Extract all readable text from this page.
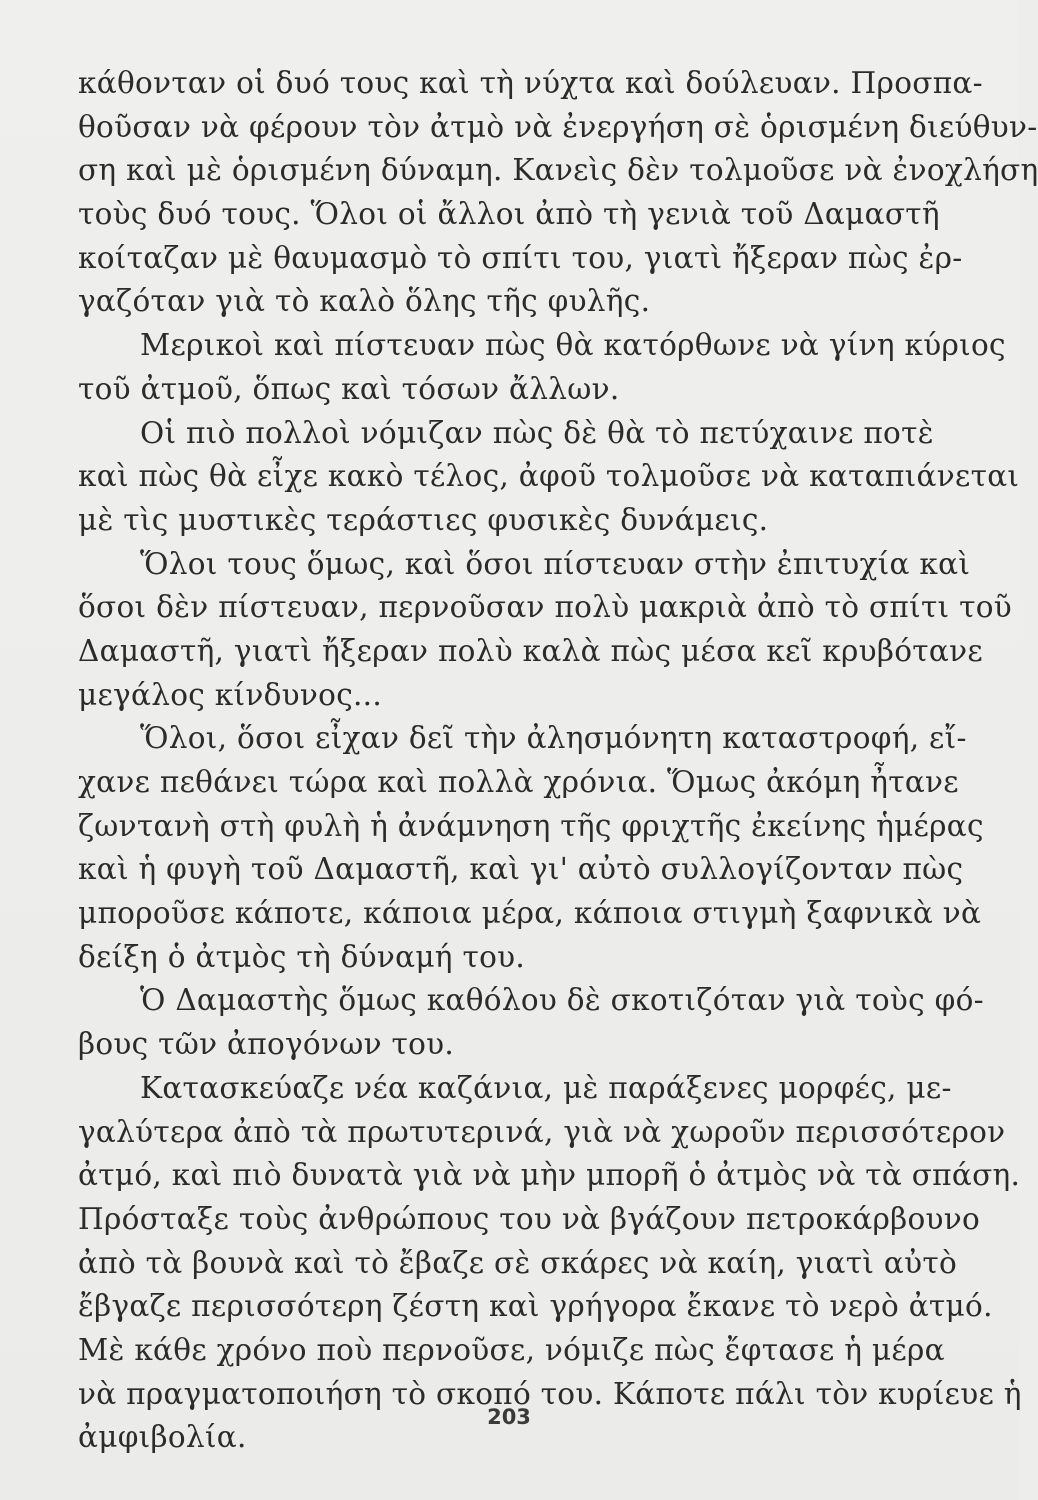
κάθονταν οἱ δυό τους καὶ τὴ νύχτα καὶ δούλευαν. Προσπα-
θοῦσαν νὰ φέρουν τὸν ἀτμὸ νὰ ἐνεργήση σὲ ὁρισμένη διεύθυν-
ση καὶ μὲ ὁρισμένη δύναμη. Κανεὶς δὲν τολμοῦσε νὰ ἐνοχλήση
τοὺς δυό τους. Ὅλοι οἱ ἄλλοι ἀπὸ τὴ γενιὰ τοῦ Δαμαστῆ
κοίταζαν μὲ θαυμασμὸ τὸ σπίτι του, γιατὶ ἤξεραν πὼς ἐρ-
γαζόταν γιὰ τὸ καλὸ ὅλης τῆς φυλῆς.
Μερικοὶ καὶ πίστευαν πὼς θὰ κατόρθωνε νὰ γίνη κύριος
τοῦ ἀτμοῦ, ὅπως καὶ τόσων ἄλλων.
Οἱ πιὸ πολλοὶ νόμιζαν πὼς δὲ θὰ τὸ πετύχαινε ποτὲ
καὶ πὼς θὰ εἶχε κακὸ τέλος, ἀφοῦ τολμοῦσε νὰ καταπιάνεται
μὲ τὶς μυστικὲς τεράστιες φυσικὲς δυνάμεις.
Ὅλοι τους ὅμως, καὶ ὅσοι πίστευαν στὴν ἐπιτυχία καὶ
ὅσοι δὲν πίστευαν, περνοῦσαν πολὺ μακριὰ ἀπὸ τὸ σπίτι τοῦ
Δαμαστῆ, γιατὶ ἤξεραν πολὺ καλὰ πὼς μέσα κεῖ κρυβότανε
μεγάλος κίνδυνος...
Ὅλοι, ὅσοι εἶχαν δεῖ τὴν ἀλησμόνητη καταστροφή, εἴ-
χανε πεθάνει τώρα καὶ πολλὰ χρόνια. Ὅμως ἀκόμη ἦτανε
ζωντανὴ στὴ φυλὴ ἡ ἀνάμνηση τῆς φριχτῆς ἐκείνης ἡμέρας
καὶ ἡ φυγὴ τοῦ Δαμαστῆ, καὶ γι' αὐτὸ συλλογίζονταν πὼς
μποροῦσε κάποτε, κάποια μέρα, κάποια στιγμὴ ξαφνικὰ νὰ
δείξη ὁ ἀτμὸς τὴ δύναμή του.
Ὁ Δαμαστὴς ὅμως καθόλου δὲ σκοτιζόταν γιὰ τοὺς φό-
βους τῶν ἀπογόνων του.
Κατασκεύαζε νέα καζάνια, μὲ παράξενες μορφές, με-
γαλύτερα ἀπὸ τὰ πρωτυτερινά, γιὰ νὰ χωροῦν περισσότερον
ἀτμό, καὶ πιὸ δυνατὰ γιὰ νὰ μὴν μπορῆ ὁ ἀτμὸς νὰ τὰ σπάση.
Πρόσταξε τοὺς ἀνθρώπους του νὰ βγάζουν πετροκάρβουνο
ἀπὸ τὰ βουνὰ καὶ τὸ ἔβαζε σὲ σκάρες νὰ καίη, γιατὶ αὐτὸ
ἔβγαζε περισσότερη ζέστη καὶ γρήγορα ἔκανε τὸ νερὸ ἀτμό.
Μὲ κάθε χρόνο ποὺ περνοῦσε, νόμιζε πὼς ἔφτασε ἡ μέρα
νὰ πραγματοποιήση τὸ σκοπό του. Κάποτε πάλι τὸν κυρίευε ἡ
ἀμφιβολία.
203
